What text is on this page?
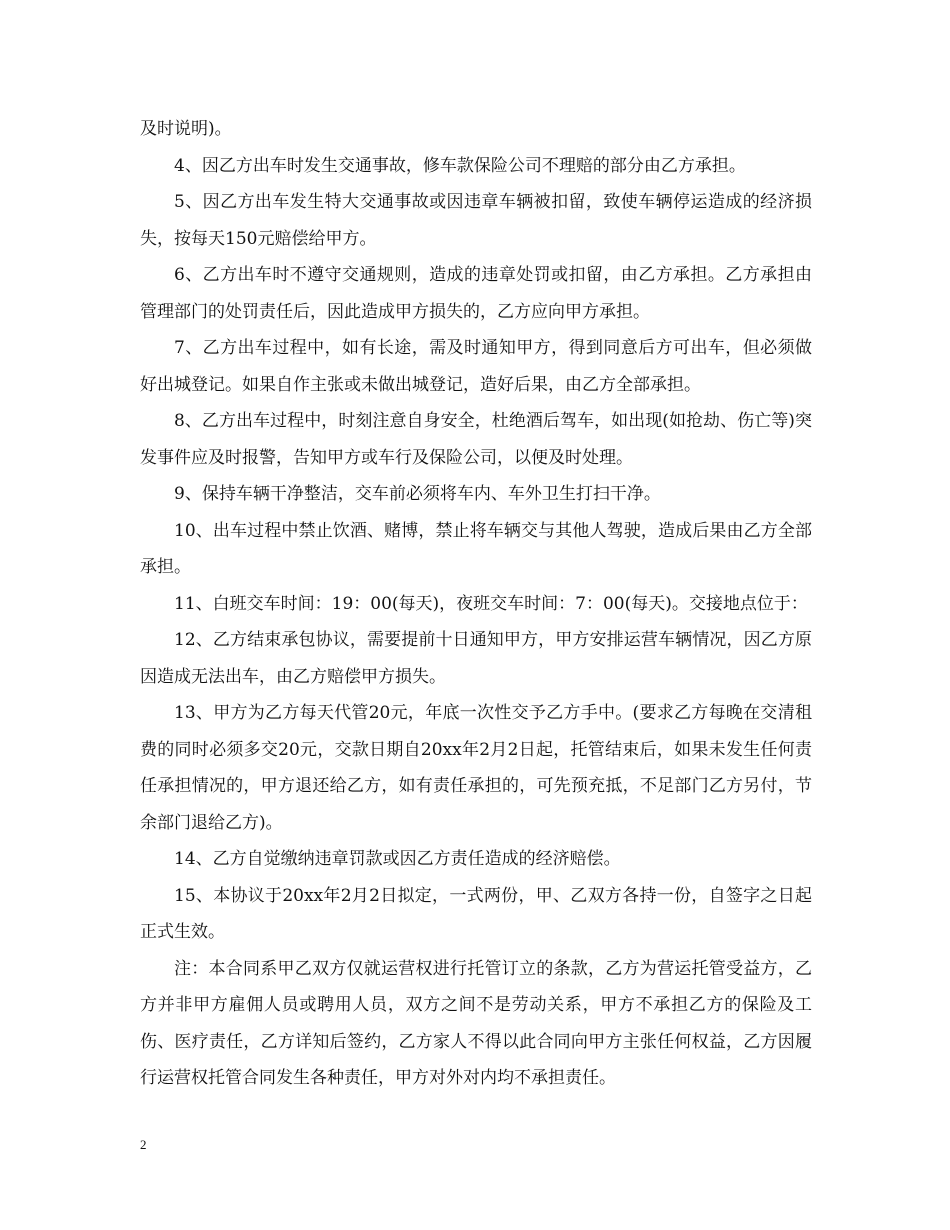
及时说明)。

4、因乙方出车时发生交通事故，修车款保险公司不理赔的部分由乙方承担。

5、因乙方出车发生特大交通事故或因违章车辆被扣留，致使车辆停运造成的经济损失，按每天150元赔偿给甲方。

6、乙方出车时不遵守交通规则，造成的违章处罚或扣留，由乙方承担。乙方承担由管理部门的处罚责任后，因此造成甲方损失的，乙方应向甲方承担。

7、乙方出车过程中，如有长途，需及时通知甲方，得到同意后方可出车，但必须做好出城登记。如果自作主张或未做出城登记，造好后果，由乙方全部承担。

8、乙方出车过程中，时刻注意自身安全，杜绝酒后驾车，如出现(如抢劫、伤亡等)突发事件应及时报警，告知甲方或车行及保险公司，以便及时处理。

9、保持车辆干净整洁，交车前必须将车内、车外卫生打扫干净。

10、出车过程中禁止饮酒、赌博，禁止将车辆交与其他人驾驶，造成后果由乙方全部承担。

11、白班交车时间：19：00(每天)，夜班交车时间：7：00(每天)。交接地点位于：

12、乙方结束承包协议，需要提前十日通知甲方，甲方安排运营车辆情况，因乙方原因造成无法出车，由乙方赔偿甲方损失。

13、甲方为乙方每天代管20元，年底一次性交予乙方手中。(要求乙方每晚在交清租费的同时必须多交20元，交款日期自20xx年2月2日起，托管结束后，如果未发生任何责任承担情况的，甲方退还给乙方，如有责任承担的，可先预充抵，不足部门乙方另付，节余部门退给乙方)。

14、乙方自觉缴纳违章罚款或因乙方责任造成的经济赔偿。

15、本协议于20xx年2月2日拟定，一式两份，甲、乙双方各持一份，自签字之日起正式生效。

注：本合同系甲乙双方仅就运营权进行托管订立的条款，乙方为营运托管受益方，乙方并非甲方雇佣人员或聘用人员，双方之间不是劳动关系，甲方不承担乙方的保险及工伤、医疗责任，乙方详知后签约，乙方家人不得以此合同向甲方主张任何权益，乙方因履行运营权托管合同发生各种责任，甲方对外对内均不承担责任。

2
